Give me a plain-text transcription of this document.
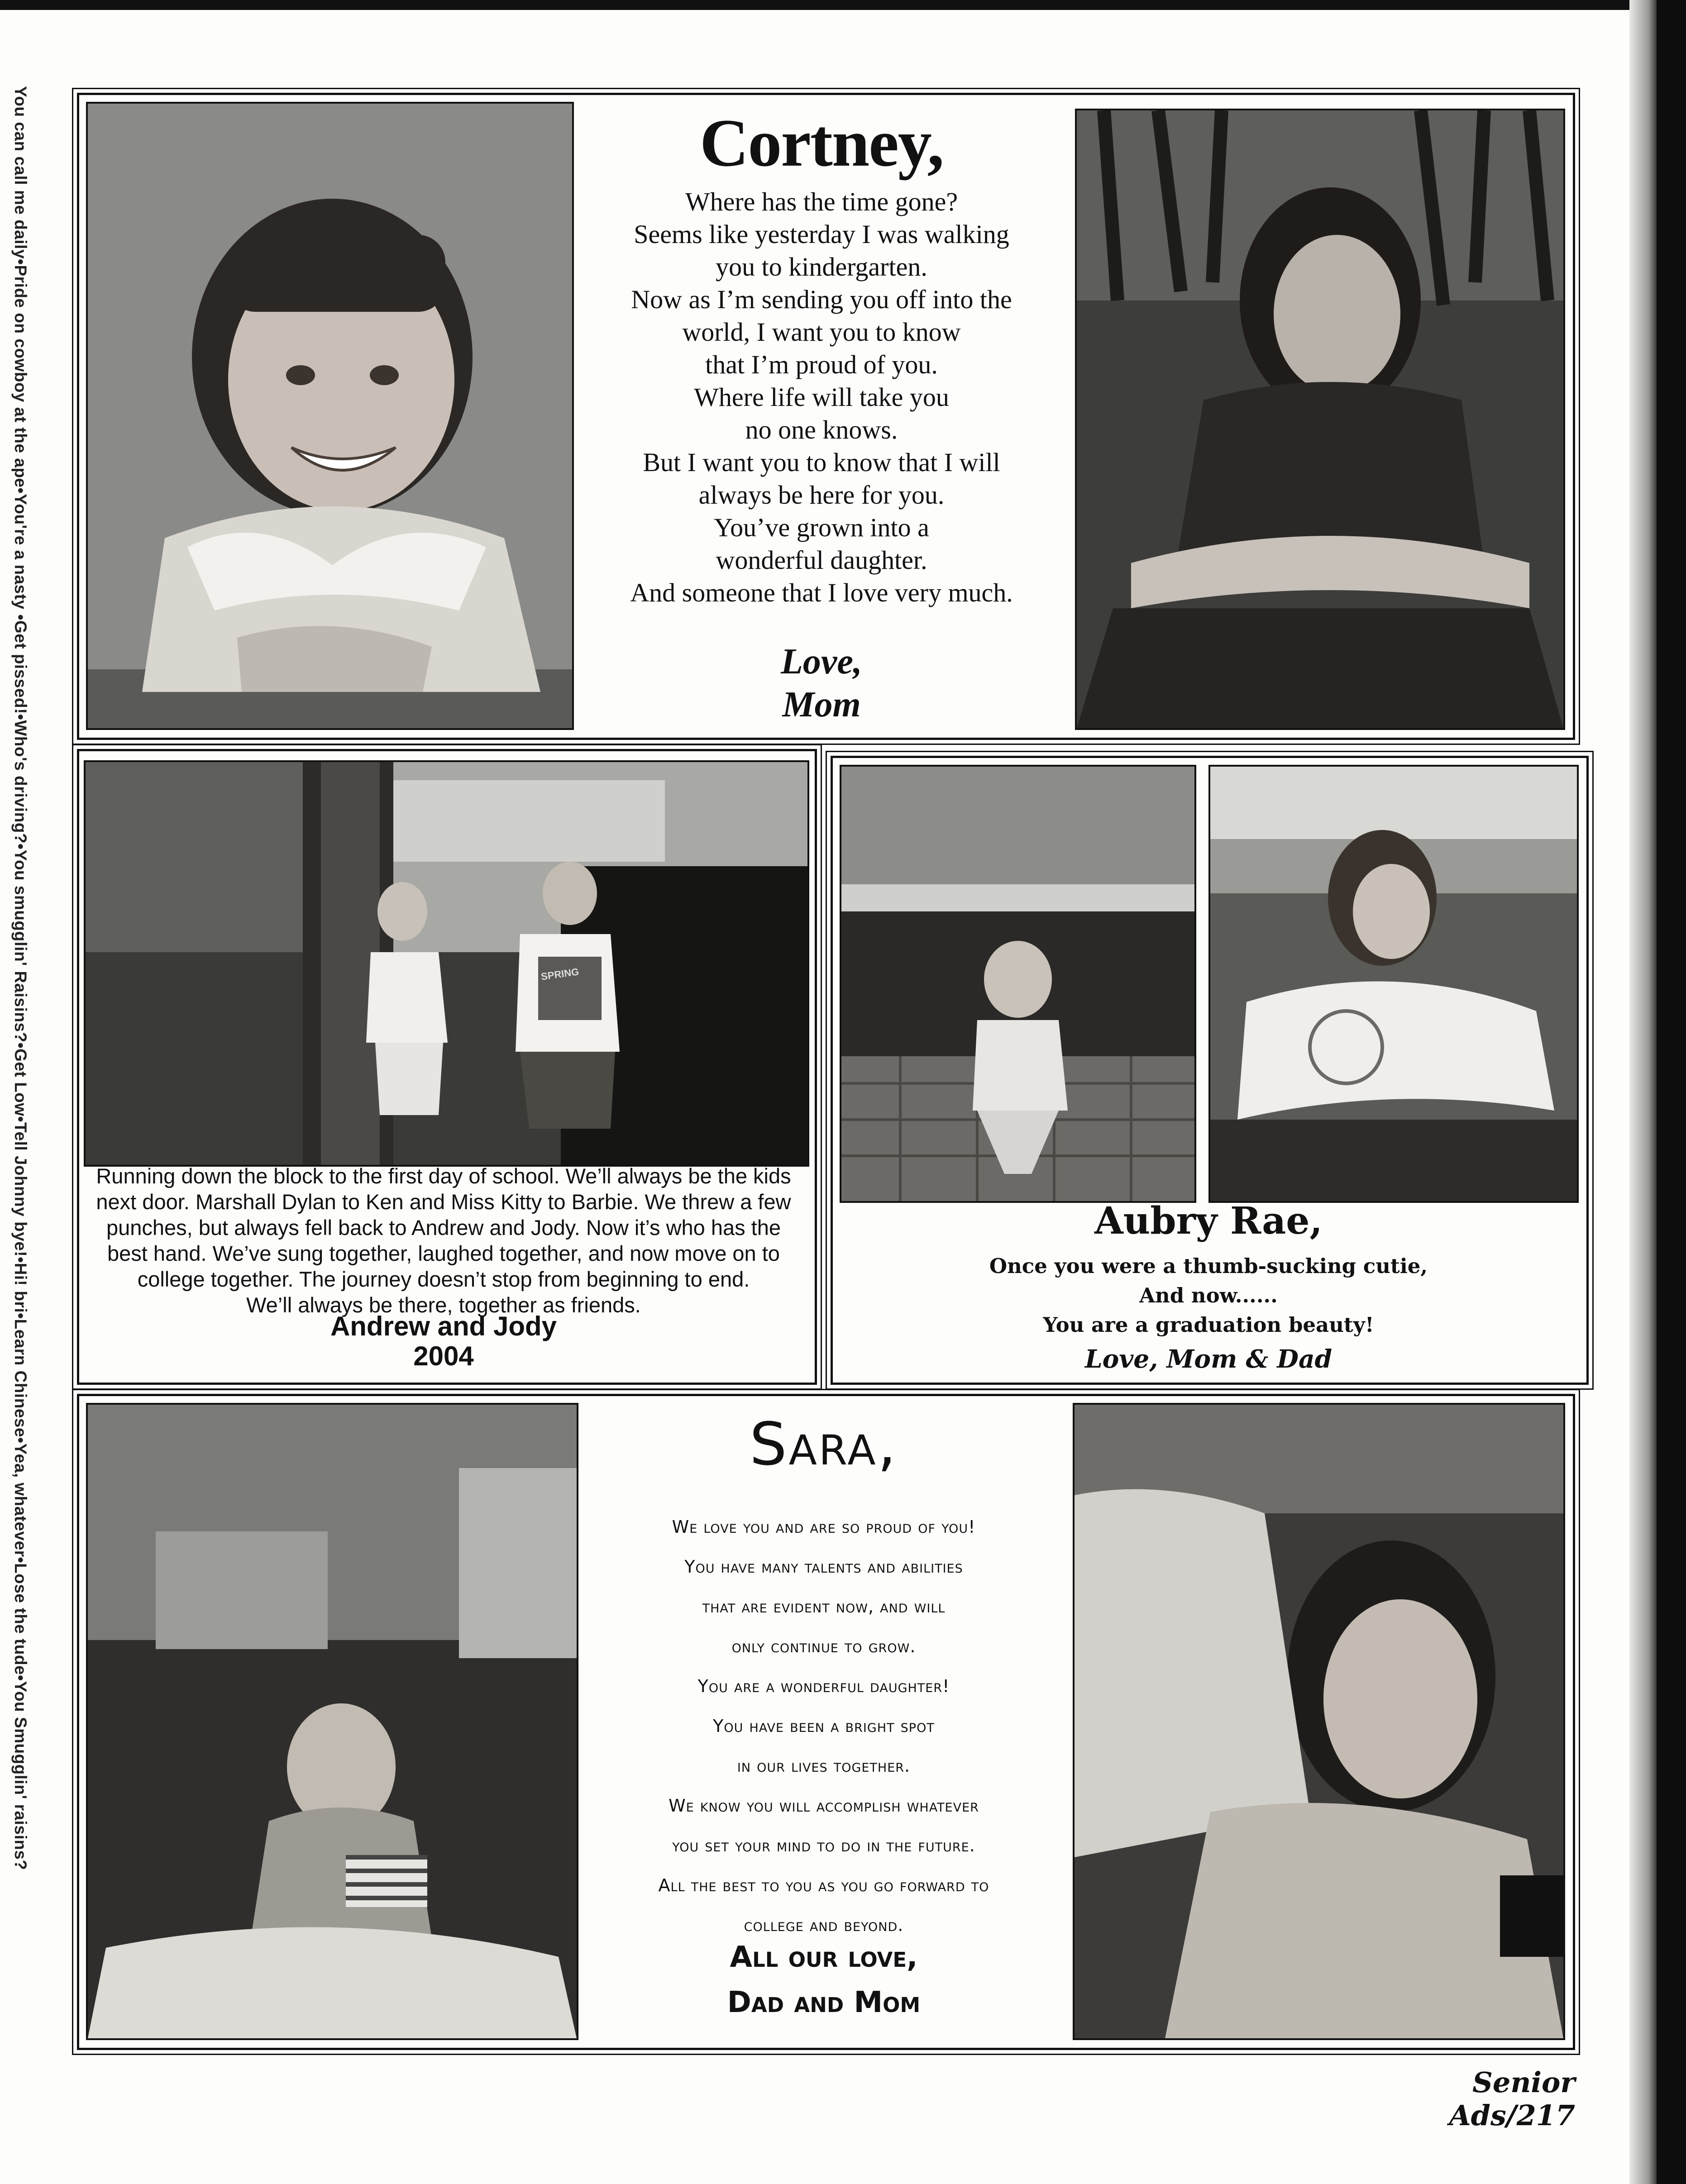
You can call me daily•Pride on cowboy at the ape•You're a nasty •Get pissed!•Who's driving?•You smugglin' Raisins?•Get Low•Tell Johnny bye!•Hi! bri•Learn Chinese•Yea, whatever•Lose the tude•You Smugglin' raisins?	Cortney,
Where has the time gone?
Seems like yesterday I was walking
you to kindergarten.
Now as I’m sending you off into the
world, I want you to know
that I’m proud of you.
Where life will take you
no one knows.
But I want you to know that I will
always be here for you.
You’ve grown into a
wonderful daughter.
And someone that I love very much.
Love,
Mom
SPRING
Running down the block to the first day of school. We’ll always be the kids
next door. Marshall Dylan to Ken and Miss Kitty to Barbie. We threw a few
punches, but always fell back to Andrew and Jody. Now it’s who has the
best hand. We’ve sung together, laughed together, and now move on to
college together. The journey doesn’t stop from beginning to end.
We’ll always be there, together as friends.
Andrew and Jody
2004
Aubry Rae,
Once you were a thumb-sucking cutie,
And now......
You are a graduation beauty!
Love, Mom & Dad
Sara,
We love you and are so proud of you!
You have many talents and abilities
that are evident now, and will
only continue to grow.
You are a wonderful daughter!
You have been a bright spot
in our lives together.
We know you will accomplish whatever
you set your mind to do in the future.
All the best to you as you go forward to
college and beyond.
All our love,
Dad and Mom
Senior Ads/217
